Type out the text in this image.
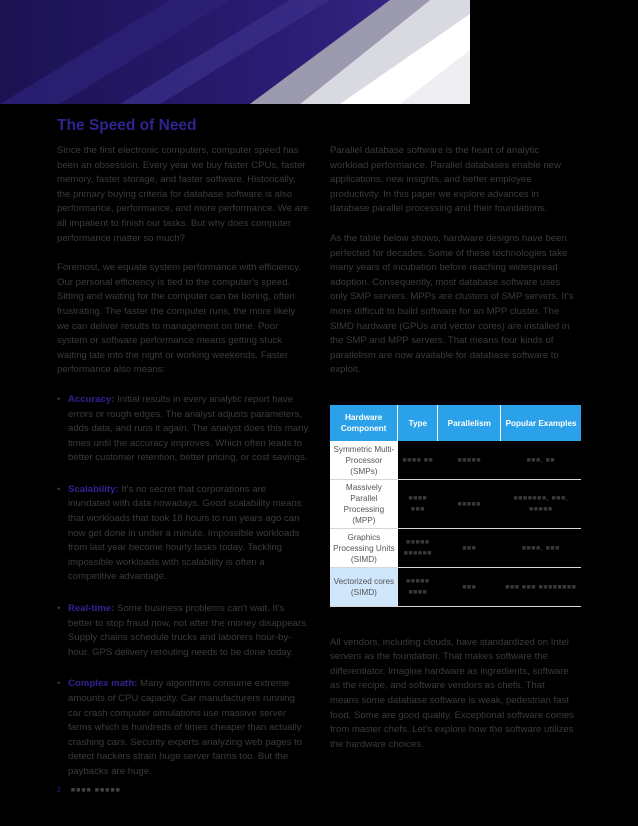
The Speed of Need

Since the first electronic computers, computer speed has been an obsession. Every year we buy faster CPUs, faster memory, faster storage, and faster software. Historically, the primary buying criteria for database software is also performance, performance, and more performance. We are all impatient to finish our tasks. But why does computer performance matter so much?

Foremost, we equate system performance with efficiency. Our personal efficiency is tied to the computer's speed. Sitting and waiting for the computer can be boring, often frustrating. The faster the computer runs, the more likely we can deliver results to management on time. Poor system or software performance means getting stuck waiting late into the night or working weekends. Faster performance also means:

• Accuracy: Initial results in every analytic report have errors or rough edges. The analyst adjusts parameters, adds data, and runs it again. The analyst does this many times until the accuracy improves. Which often leads to better customer retention, better pricing, or cost savings.
• Scalability: It's no secret that corporations are inundated with data nowadays. Good scalability means that workloads that took 18 hours to run years ago can now get done in under a minute. Impossible workloads from last year become hourly tasks today. Tackling impossible workloads with scalability is often a competitive advantage.
• Real-time: Some business problems can't wait. It's better to stop fraud now, not after the money disappears. Supply chains schedule trucks and laborers hour-by-hour. GPS delivery rerouting needs to be done today.
• Complex math: Many algorithms consume extreme amounts of CPU capacity. Car manufacturers running car crash computer simulations use massive server farms which is hundreds of times cheaper than actually crashing cars. Security experts analyzing web pages to detect hackers strain huge server farms too. But the paybacks are huge.

Parallel database software is the heart of analytic workload performance. Parallel databases enable new applications, new insights, and better employee productivity. In this paper we explore advances in database parallel processing and their foundations.

As the table below shows, hardware designs have been perfected for decades. Some of these technologies take many years of incubation before reaching widespread adoption. Consequently, most database software uses only SMP servers. MPPs are clusters of SMP servers. It's more difficult to build software for an MPP cluster. The SIMD hardware (GPUs and vector cores) are installed in the SMP and MPP servers. That means four kinds of parallelism are now available for database software to exploit.

Hardware Component	Type	Parallelism	Popular Examples
Symmetric Multi-Processor (SMPs)	■■■■ ■■	■■■■■	■■■, ■■
Massively Parallel Processing (MPP)	■■■■ ■■■	■■■■■	■■■■■■■, ■■■, ■■■■■
Graphics Processing Units (SIMD)	■■■■■ ■■■■■■	■■■	■■■■, ■■■
Vectorized cores (SIMD)	■■■■■ ■■■■	■■■	■■■ ■■■ ■■■■■■■■

All vendors, including clouds, have standardized on Intel servers as the foundation. That makes software the differentiator. Imagine hardware as ingredients, software as the recipe, and software vendors as chefs. That means some database software is weak, pedestrian fast food. Some are good quality. Exceptional software comes from master chefs. Let's explore how the software utilizes the hardware choices.

2 ■■■■ ■■■■■
